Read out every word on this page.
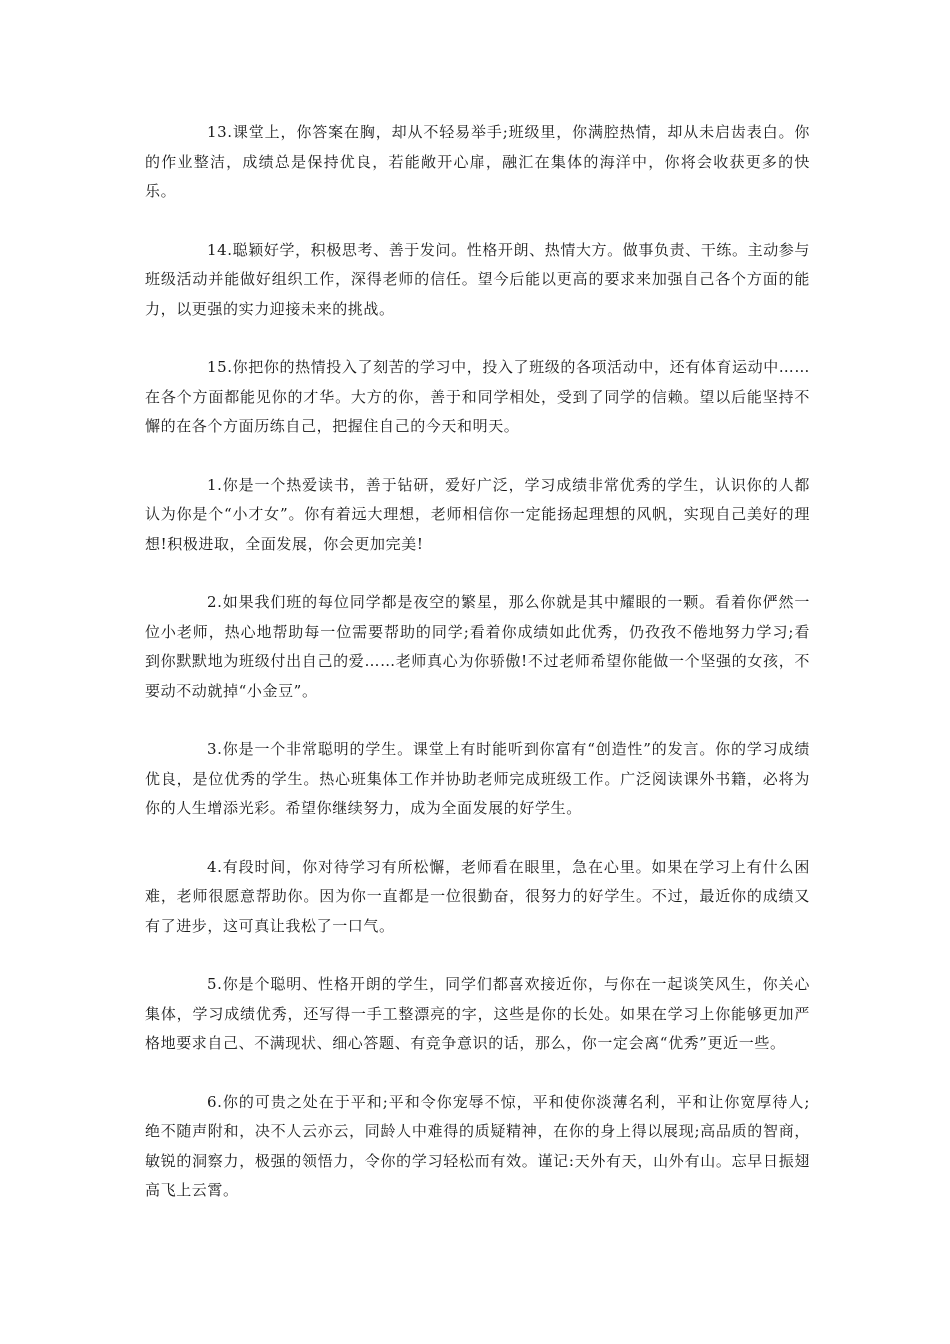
13.课堂上，你答案在胸，却从不轻易举手;班级里，你满腔热情，却从未启齿表白。你的作业整洁，成绩总是保持优良，若能敞开心扉，融汇在集体的海洋中，你将会收获更多的快乐。

14.聪颖好学，积极思考、善于发问。性格开朗、热情大方。做事负责、干练。主动参与班级活动并能做好组织工作，深得老师的信任。望今后能以更高的要求来加强自己各个方面的能力，以更强的实力迎接未来的挑战。

15.你把你的热情投入了刻苦的学习中，投入了班级的各项活动中，还有体育运动中……在各个方面都能见你的才华。大方的你，善于和同学相处，受到了同学的信赖。望以后能坚持不懈的在各个方面历练自己，把握住自己的今天和明天。

1.你是一个热爱读书，善于钻研，爱好广泛，学习成绩非常优秀的学生，认识你的人都认为你是个“小才女”。你有着远大理想，老师相信你一定能扬起理想的风帆，实现自己美好的理想!积极进取，全面发展，你会更加完美!

2.如果我们班的每位同学都是夜空的繁星，那么你就是其中耀眼的一颗。看着你俨然一位小老师，热心地帮助每一位需要帮助的同学;看着你成绩如此优秀，仍孜孜不倦地努力学习;看到你默默地为班级付出自己的爱……老师真心为你骄傲!不过老师希望你能做一个坚强的女孩，不要动不动就掉“小金豆”。

3.你是一个非常聪明的学生。课堂上有时能听到你富有“创造性”的发言。你的学习成绩优良，是位优秀的学生。热心班集体工作并协助老师完成班级工作。广泛阅读课外书籍，必将为你的人生增添光彩。希望你继续努力，成为全面发展的好学生。

4.有段时间，你对待学习有所松懈，老师看在眼里，急在心里。如果在学习上有什么困难，老师很愿意帮助你。因为你一直都是一位很勤奋，很努力的好学生。不过，最近你的成绩又有了进步，这可真让我松了一口气。

5.你是个聪明、性格开朗的学生，同学们都喜欢接近你，与你在一起谈笑风生，你关心集体，学习成绩优秀，还写得一手工整漂亮的字，这些是你的长处。如果在学习上你能够更加严格地要求自己、不满现状、细心答题、有竞争意识的话，那么，你一定会离“优秀”更近一些。

6.你的可贵之处在于平和;平和令你宠辱不惊，平和使你淡薄名利，平和让你宽厚待人;绝不随声附和，决不人云亦云，同龄人中难得的质疑精神，在你的身上得以展现;高品质的智商，敏锐的洞察力，极强的领悟力，令你的学习轻松而有效。谨记:天外有天，山外有山。忘早日振翅高飞上云霄。
